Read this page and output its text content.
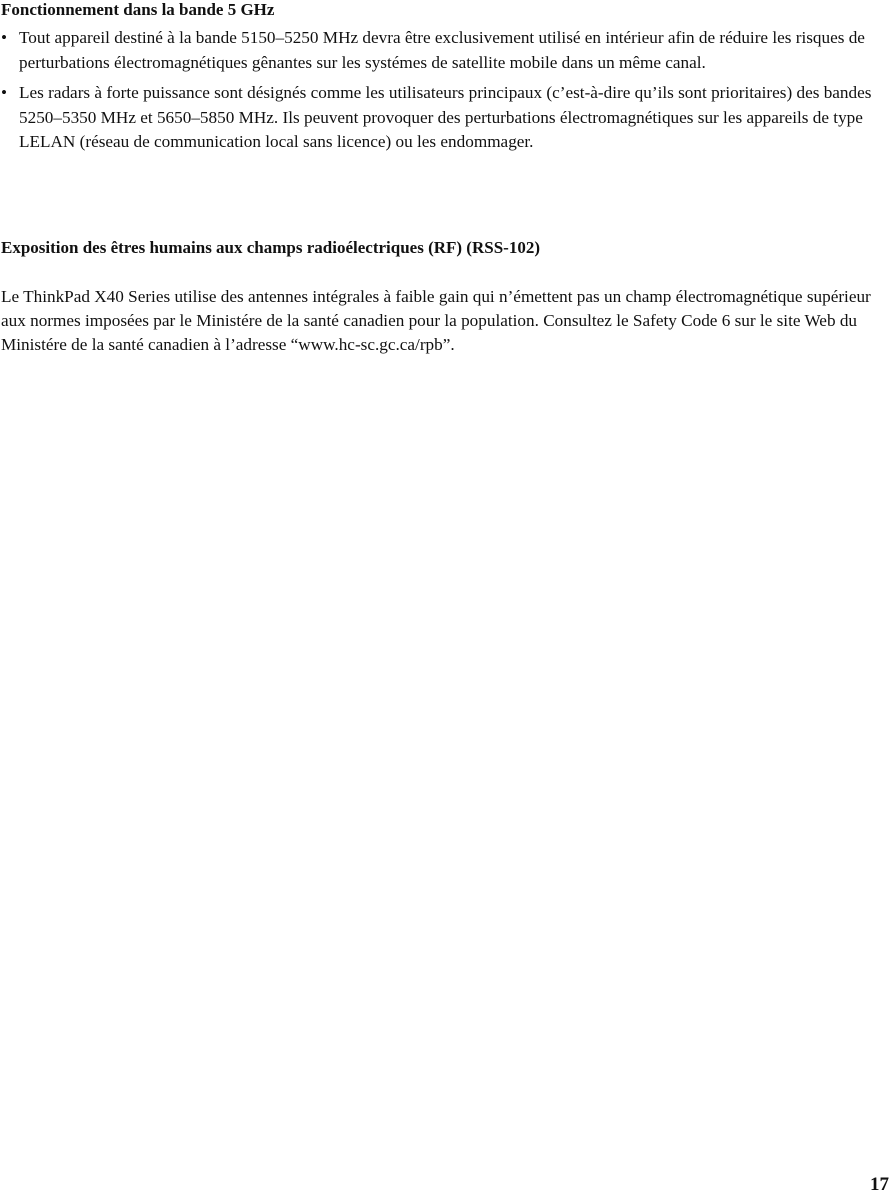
Fonctionnement dans la bande 5 GHz
• Tout appareil destiné à la bande 5150–5250 MHz devra être exclusivement utilisé en intérieur afin de réduire les risques de perturbations électromagnétiques gênantes sur les systémes de satellite mobile dans un même canal.
• Les radars à forte puissance sont désignés comme les utilisateurs principaux (c’est-à-dire qu’ils sont prioritaires) des bandes 5250–5350 MHz et 5650–5850 MHz. Ils peuvent provoquer des perturbations électromagnétiques sur les appareils de type LELAN (réseau de communication local sans licence) ou les endommager.
Exposition des êtres humains aux champs radioélectriques (RF) (RSS-102)

Le ThinkPad X40 Series utilise des antennes intégrales à faible gain qui n’émettent pas un champ électromagnétique supérieur aux normes imposées par le Ministére de la santé canadien pour la population. Consultez le Safety Code 6 sur le site Web du Ministére de la santé canadien à l’adresse “www.hc-sc.gc.ca/rpb”.

17
